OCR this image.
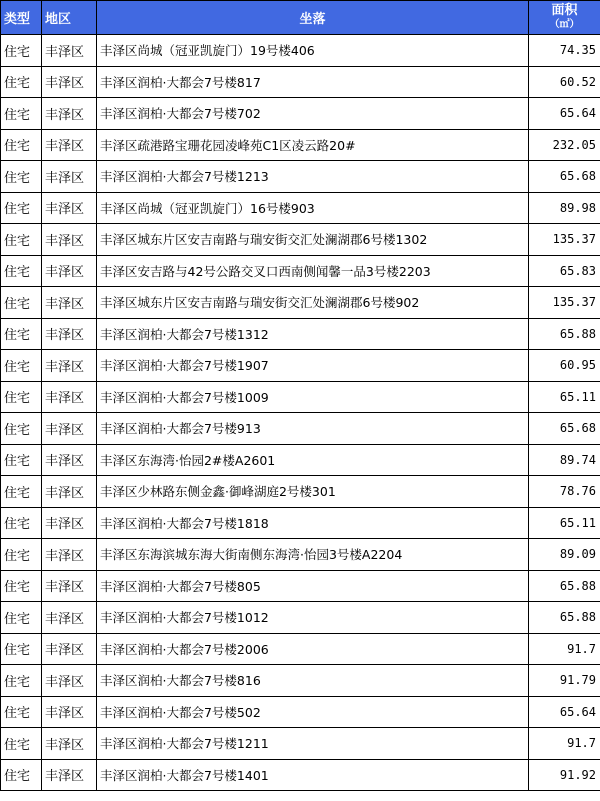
类型	地区	坐落	面积
（㎡）

住宅	丰泽区	丰泽区尚城（冠亚凯旋门）19号楼406	74.35
住宅	丰泽区	丰泽区润柏·大都会7号楼817	60.52
住宅	丰泽区	丰泽区润柏·大都会7号楼702	65.64
住宅	丰泽区	丰泽区疏港路宝珊花园凌峰苑C1区凌云路20#	232.05
住宅	丰泽区	丰泽区润柏·大都会7号楼1213	65.68
住宅	丰泽区	丰泽区尚城（冠亚凯旋门）16号楼903	89.98
住宅	丰泽区	丰泽区城东片区安吉南路与瑞安街交汇处澜湖郡6号楼1302	135.37
住宅	丰泽区	丰泽区安吉路与42号公路交叉口西南侧闻馨一品3号楼2203	65.83
住宅	丰泽区	丰泽区城东片区安吉南路与瑞安街交汇处澜湖郡6号楼902	135.37
住宅	丰泽区	丰泽区润柏·大都会7号楼1312	65.88
住宅	丰泽区	丰泽区润柏·大都会7号楼1907	60.95
住宅	丰泽区	丰泽区润柏·大都会7号楼1009	65.11
住宅	丰泽区	丰泽区润柏·大都会7号楼913	65.68
住宅	丰泽区	丰泽区东海湾·怡园2#楼A2601	89.74
住宅	丰泽区	丰泽区少林路东侧金鑫·御峰湖庭2号楼301	78.76
住宅	丰泽区	丰泽区润柏·大都会7号楼1818	65.11
住宅	丰泽区	丰泽区东海滨城东海大街南侧东海湾·怡园3号楼A2204	89.09
住宅	丰泽区	丰泽区润柏·大都会7号楼805	65.88
住宅	丰泽区	丰泽区润柏·大都会7号楼1012	65.88
住宅	丰泽区	丰泽区润柏·大都会7号楼2006	91.7
住宅	丰泽区	丰泽区润柏·大都会7号楼816	91.79
住宅	丰泽区	丰泽区润柏·大都会7号楼502	65.64
住宅	丰泽区	丰泽区润柏·大都会7号楼1211	91.7
住宅	丰泽区	丰泽区润柏·大都会7号楼1401	91.92
